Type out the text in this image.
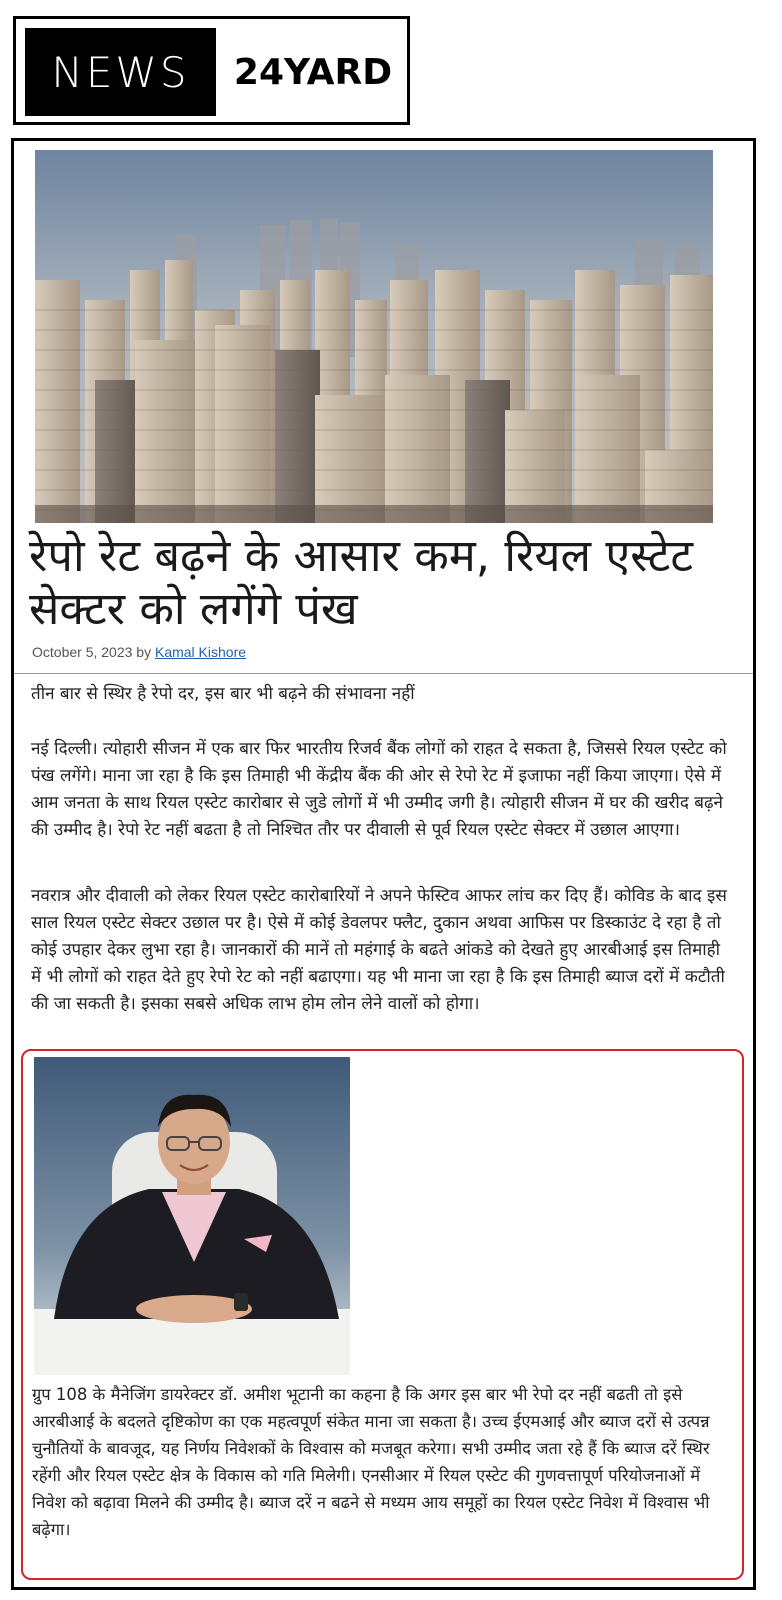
NEWS	24YARD
रेपो रेट बढ़ने के आसार कम, रियल एस्टेट सेक्टर को लगेंगे पंख
October 5, 2023 by Kamal Kishore

तीन बार से स्थिर है रेपो दर, इस बार भी बढ़ने की संभावना नहीं

नई दिल्ली। त्योहारी सीजन में एक बार फिर भारतीय रिजर्व बैंक लोगों को राहत दे सकता है, जिससे रियल एस्टेट को पंख लगेंगे। माना जा रहा है कि इस तिमाही भी केंद्रीय बैंक की ओर से रेपो रेट में इजाफा नहीं किया जाएगा। ऐसे में आम जनता के साथ रियल एस्टेट कारोबार से जुडे लोगों में भी उम्मीद जगी है। त्योहारी सीजन में घर की खरीद बढ़ने की उम्मीद है। रेपो रेट नहीं बढता है तो निश्चित तौर पर दीवाली से पूर्व रियल एस्टेट सेक्टर में उछाल आएगा।

नवरात्र और दीवाली को लेकर रियल एस्टेट कारोबारियों ने अपने फेस्टिव आफर लांच कर दिए हैं। कोविड के बाद इस साल रियल एस्टेट सेक्टर उछाल पर है। ऐसे में कोई डेवलपर फ्लैट, दुकान अथवा आफिस पर डिस्काउंट दे रहा है तो कोई उपहार देकर लुभा रहा है। जानकारों की मानें तो महंगाई के बढते आंकडे को देखते हुए आरबीआई इस तिमाही में भी लोगों को राहत देते हुए रेपो रेट को नहीं बढाएगा। यह भी माना जा रहा है कि इस तिमाही ब्याज दरों में कटौती की जा सकती है। इसका सबसे अधिक लाभ होम लोन लेने वालों को होगा।

ग्रुप 108 के मैनेजिंग डायरेक्टर डॉ. अमीश भूटानी का कहना है कि अगर इस बार भी रेपो दर नहीं बढती तो इसे आरबीआई के बदलते दृष्टिकोण का एक महत्वपूर्ण संकेत माना जा सकता है। उच्च ईएमआई और ब्याज दरों से उत्पन्न चुनौतियों के बावजूद, यह निर्णय निवेशकों के विश्वास को मजबूत करेगा। सभी उम्मीद जता रहे हैं कि ब्याज दरें स्थिर रहेंगी और रियल एस्टेट क्षेत्र के विकास को गति मिलेगी। एनसीआर में रियल एस्टेट की गुणवत्तापूर्ण परियोजनाओं में निवेश को बढ़ावा मिलने की उम्मीद है। ब्याज दरें न बढने से मध्यम आय समूहों का रियल एस्टेट निवेश में विश्वास भी बढ़ेगा।
